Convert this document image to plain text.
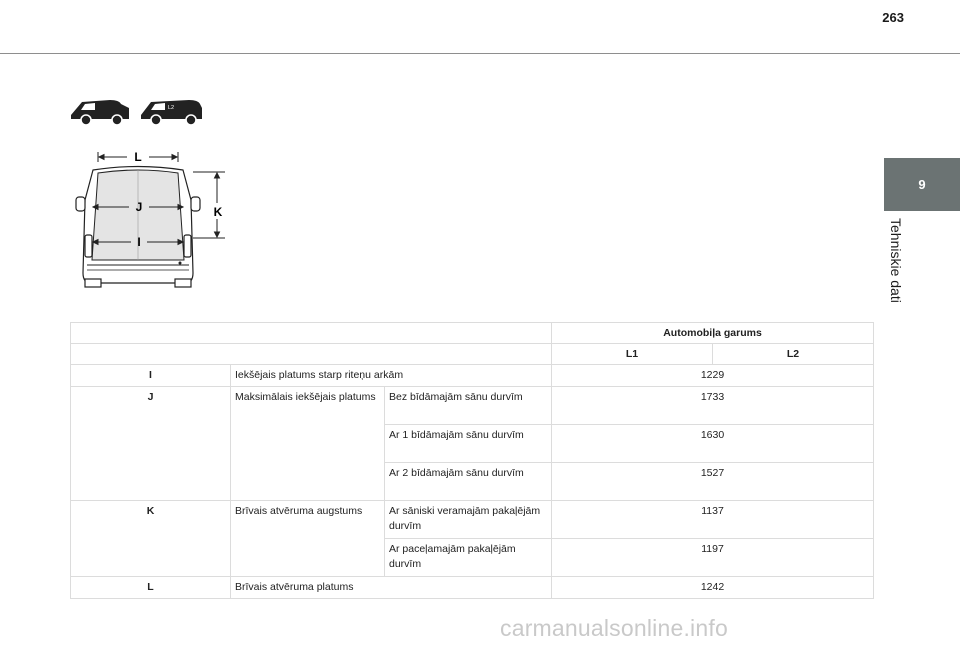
263
9
Tehniskie dati
L1	L2
L
J
I
K
			Automobiļa garums	
			L1	L2
I	Iekšējais platums starp riteņu arkām		1229	
J	Maksimālais iekšējais platums	Bez bīdāmajām sānu durvīm	1733	
		Ar 1 bīdāmajām sānu durvīm	1630	
		Ar 2 bīdāmajām sānu durvīm	1527	
K	Brīvais atvēruma augstums	Ar sāniski veramajām pakaļējām durvīm	1137	
		Ar paceļamajām pakaļējām durvīm	1197	
L	Brīvais atvēruma platums		1242	
carmanualsonline.info
